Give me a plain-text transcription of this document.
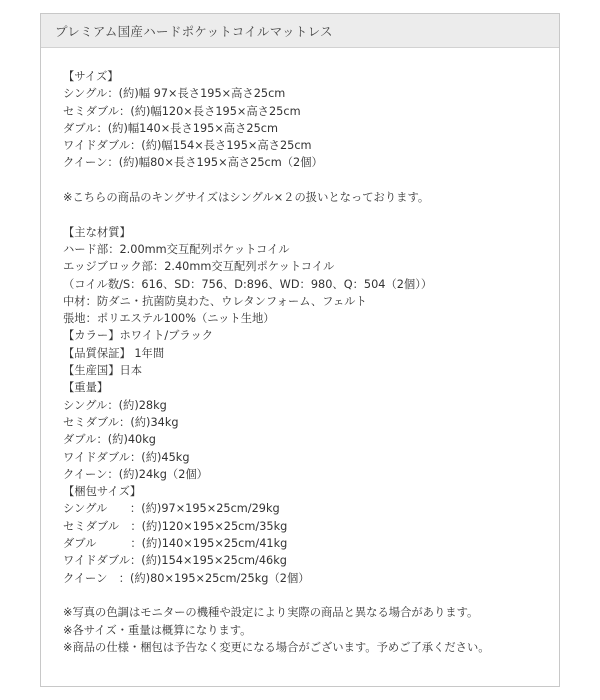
プレミアム国産ハードポケットコイルマットレス
【サイズ】
シングル：(約)幅 97×長さ195×高さ25cm
セミダブル：(約)幅120×長さ195×高さ25cm
ダブル：(約)幅140×長さ195×高さ25cm
ワイドダブル：(約)幅154×長さ195×高さ25cm
クイーン：(約)幅80×長さ195×高さ25cm（2個）
※こちらの商品のキングサイズはシングル×２の扱いとなっております。
【主な材質】
ハード部：2.00mm交互配列ポケットコイル
エッジブロック部：2.40mm交互配列ポケットコイル
（コイル数/S：616、SD：756、D:896、WD：980、Q：504（2個））
中材：防ダニ・抗菌防臭わた、ウレタンフォーム、フェルト
張地：ポリエステル100%（ニット生地）
【カラー】ホワイト/ブラック
【品質保証】 1年間
【生産国】日本
【重量】
シングル：(約)28kg
セミダブル：(約)34kg
ダブル：(約)40kg
ワイドダブル：(約)45kg
クイーン：(約)24kg（2個）
【梱包サイズ】
シングル　　：(約)97×195×25cm/29kg
セミダブル　：(約)120×195×25cm/35kg
ダブル　　　：(約)140×195×25cm/41kg
ワイドダブル：(約)154×195×25cm/46kg
クイーン　：(約)80×195×25cm/25kg（2個）
※写真の色調はモニターの機種や設定により実際の商品と異なる場合があります。
※各サイズ・重量は概算になります。
※商品の仕様・梱包は予告なく変更になる場合がございます。予めご了承ください。
